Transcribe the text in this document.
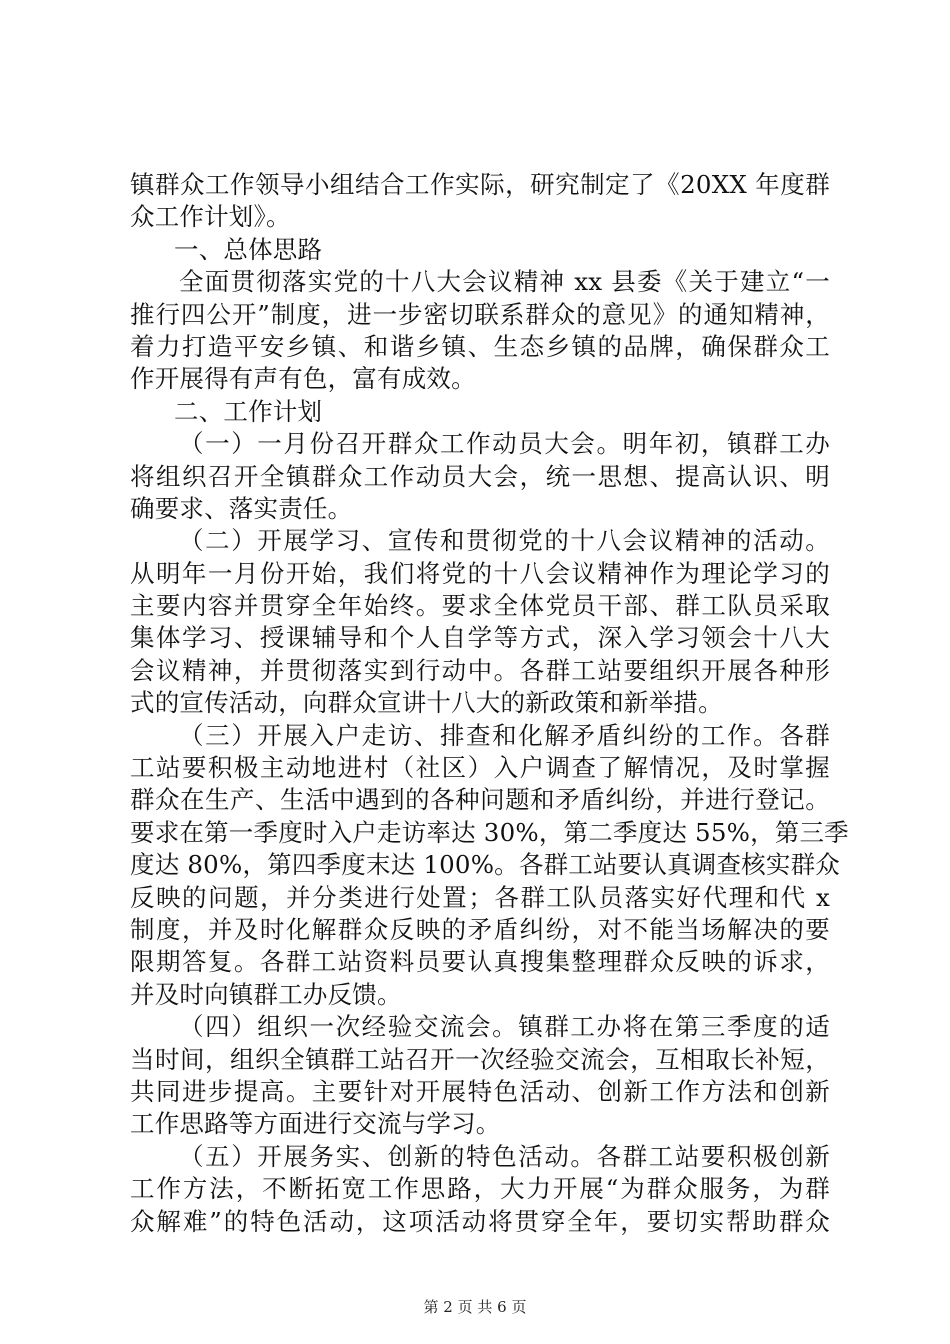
镇群众工作领导小组结合工作实际，研究制定了《20XX 年度群
众工作计划》。
一、总体思路
全面贯彻落实党的十八大会议精神 xx 县委《关于建立“一
推行四公开”制度，进一步密切联系群众的意见》的通知精神，
着力打造平安乡镇、和谐乡镇、生态乡镇的品牌，确保群众工
作开展得有声有色，富有成效。
二、工作计划
（一）一月份召开群众工作动员大会。明年初，镇群工办
将组织召开全镇群众工作动员大会，统一思想、提高认识、明
确要求、落实责任。
（二）开展学习、宣传和贯彻党的十八会议精神的活动。
从明年一月份开始，我们将党的十八会议精神作为理论学习的
主要内容并贯穿全年始终。要求全体党员干部、群工队员采取
集体学习、授课辅导和个人自学等方式，深入学习领会十八大
会议精神，并贯彻落实到行动中。各群工站要组织开展各种形
式的宣传活动，向群众宣讲十八大的新政策和新举措。
（三）开展入户走访、排查和化解矛盾纠纷的工作。各群
工站要积极主动地进村（社区）入户调查了解情况，及时掌握
群众在生产、生活中遇到的各种问题和矛盾纠纷，并进行登记。
要求在第一季度时入户走访率达 30%，第二季度达 55%，第三季
度达 80%，第四季度末达 100%。各群工站要认真调查核实群众
反映的问题，并分类进行处置；各群工队员落实好代理和代 x
制度，并及时化解群众反映的矛盾纠纷，对不能当场解决的要
限期答复。各群工站资料员要认真搜集整理群众反映的诉求，
并及时向镇群工办反馈。
（四）组织一次经验交流会。镇群工办将在第三季度的适
当时间，组织全镇群工站召开一次经验交流会，互相取长补短，
共同进步提高。主要针对开展特色活动、创新工作方法和创新
工作思路等方面进行交流与学习。
（五）开展务实、创新的特色活动。各群工站要积极创新
工作方法，不断拓宽工作思路，大力开展“为群众服务，为群
众解难”的特色活动，这项活动将贯穿全年，要切实帮助群众
第 2 页 共 6 页
